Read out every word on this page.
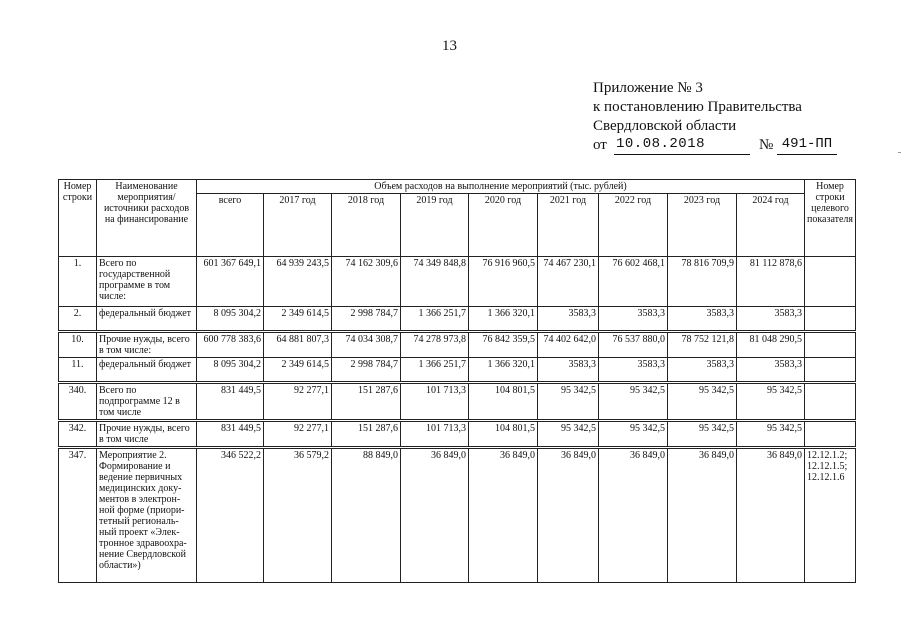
13
Приложение № 3
к постановлению Правительства
Свердловской области
от 10.08.2018	№ 491-ПП
Номер строки	Наименование мероприятия/ источники расходов на финансирование	Объем расходов на выполнение мероприятий (тыс. рублей)									Номер строки целевого показателя
		всего	2017 год	2018 год	2019 год	2020 год	2021 год	2022 год	2023 год	2024 год	
1.	Всего по государственной программе в том числе:	601 367 649,1	64 939 243,5	74 162 309,6	74 349 848,8	76 916 960,5	74 467 230,1	76 602 468,1	78 816 709,9	81 112 878,6	
2.	федеральный бюджет	8 095 304,2	2 349 614,5	2 998 784,7	1 366 251,7	1 366 320,1	3583,3	3583,3	3583,3	3583,3	
10.	Прочие нужды, всего в том числе:	600 778 383,6	64 881 807,3	74 034 308,7	74 278 973,8	76 842 359,5	74 402 642,0	76 537 880,0	78 752 121,8	81 048 290,5	
11.	федеральный бюджет	8 095 304,2	2 349 614,5	2 998 784,7	1 366 251,7	1 366 320,1	3583,3	3583,3	3583,3	3583,3	
340.	Всего по подпрограмме 12 в том числе	831 449,5	92 277,1	151 287,6	101 713,3	104 801,5	95 342,5	95 342,5	95 342,5	95 342,5	
342.	Прочие нужды, всего в том числе	831 449,5	92 277,1	151 287,6	101 713,3	104 801,5	95 342,5	95 342,5	95 342,5	95 342,5	
347.	Мероприятие 2. Формирование и ведение первичных медицинских доку- ментов в электрон- ной форме (приори- тетный региональ- ный проект «Элек- тронное здравоохра- нение Свердловской области»)	346 522,2	36 579,2	88 849,0	36 849,0	36 849,0	36 849,0	36 849,0	36 849,0	36 849,0	12.12.1.2; 12.12.1.5; 12.12.1.6
